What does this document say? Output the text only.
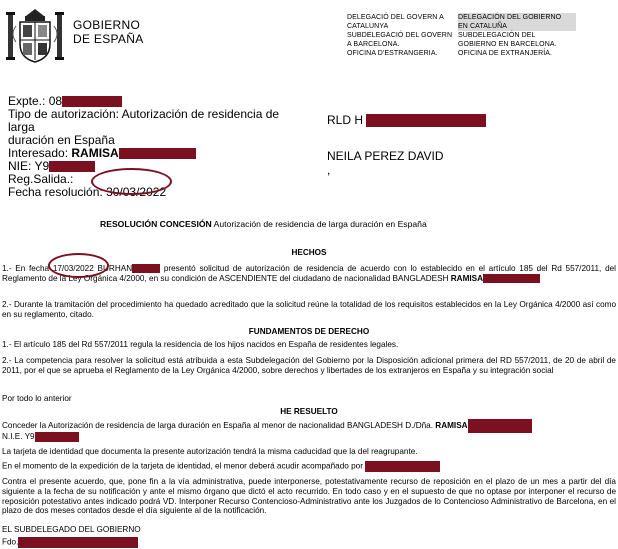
GOBIERNO
DE ESPAÑA
DELEGACIÓ DEL GOVERN A
CATALUNYA
SUBDELEGACIÓ DEL GOVERN
A BARCELONA.
OFICINA D'ESTRANGERIA.
DELEGACIÓN DEL GOBIERNO
EN CATALUÑA
SUBDELEGACIÓN DEL
GOBIERNO EN BARCELONA.
OFICINA DE EXTRANJERÍA.
Expte.: 08
Tipo de autorización: Autorización de residencia de larga
duración en España
Interesado: RAMISA
NIE: Y9
Reg.Salida.:
Fecha resolución: 30/03/2022
RLD H
NEILA PEREZ DAVID
,
RESOLUCIÓN CONCESIÓN Autorización de residencia de larga duración en España
HECHOS
1.- En fecha 17/03/2022 BURHAN	presentó solicitud de autorización de residencia de acuerdo con lo establecido en el artículo 185 del Rd 557/2011, del Reglamento de la Ley Orgánica 4/2000, en su condición de ASCENDIENTE del ciudadano de nacionalidad BANGLADESH RAMISA
2.- Durante la tramitación del procedimiento ha quedado acreditado que la solicitud reúne la totalidad de los requisitos establecidos en la Ley Orgánica 4/2000 así como en su reglamento, citado.
FUNDAMENTOS DE DERECHO
1.- El artículo 185 del Rd 557/2011 regula la residencia de los hijos nacidos en España de residentes legales.
2.- La competencia para resolver la solicitud está atribuida a esta Subdelegación del Gobierno por la Disposición adicional primera del RD 557/2011, de 20 de abril de 2011, por el que se aprueba el Reglamento de la Ley Orgánica 4/2000, sobre derechos y libertades de los extranjeros en España y su integración social
Por todo lo anterior
HE RESUELTO
Conceder la Autorización de residencia de larga duración en España al menor de nacionalidad BANGLADESH D./Dña. RAMISA
N.I.E. Y9
La tarjeta de identidad que documenta la presente autorización tendrá la misma caducidad que la del reagrupante.
En el momento de la expedición de la tarjeta de identidad, el menor deberá acudir acompañado por
Contra el presente acuerdo, que, pone fin a la vía administrativa, puede interponerse, potestativamente recurso de reposición en el plazo de un mes a partir del día siguiente a la fecha de su notificación y ante el mismo órgano que dictó el acto recurrido. En todo caso y en el supuesto de que no optase por interponer el recurso de reposición potestativo antes indicado podrá VD. Interponer Recurso Contencioso-Administrativo ante los Juzgados de lo Contencioso Administrativo de Barcelona, en el plazo de dos meses contados desde el día siguiente al de la notificación.
EL SUBDELEGADO DEL GOBIERNO
Fdo.
